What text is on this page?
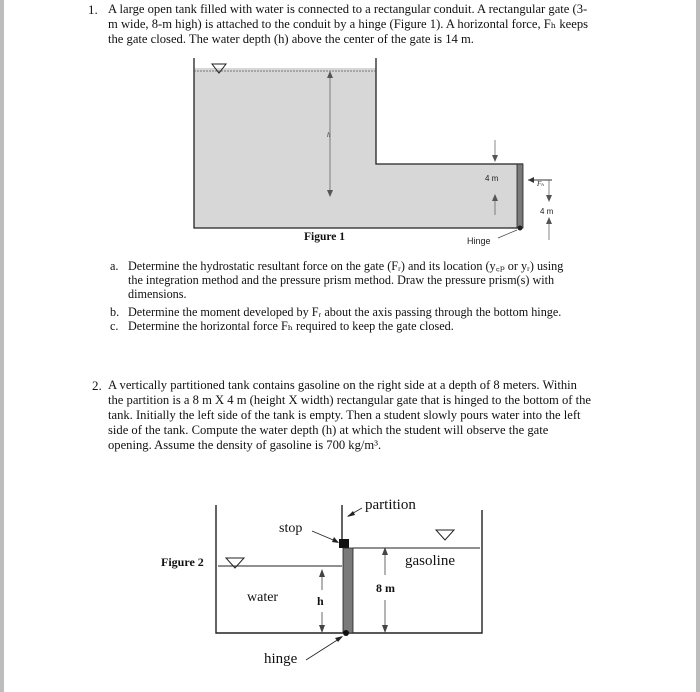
1. A large open tank filled with water is connected to a rectangular conduit. A rectangular gate (3-
m wide, 8-m high) is attached to the conduit by a hinge (Figure 1). A horizontal force, Fₕ keeps
the gate closed. The water depth (h) above the center of the gate is 14 m.
h
4 m
Fₕ
4 m
Hinge
Figure 1
a. Determine the hydrostatic resultant force on the gate (Fᵣ) and its location (y꜀ₚ or yᵣ) using
the integration method and the pressure prism method. Draw the pressure prism(s) with
dimensions.
b. Determine the moment developed by Fᵣ about the axis passing through the bottom hinge.
c. Determine the horizontal force Fₕ required to keep the gate closed.
2. A vertically partitioned tank contains gasoline on the right side at a depth of 8 meters. Within
the partition is a 8 m X 4 m (height X width) rectangular gate that is hinged to the bottom of the
tank. Initially the left side of the tank is empty. Then a student slowly pours water into the left
side of the tank. Compute the water depth (h) at which the student will observe the gate
opening. Assume the density of gasoline is 700 kg/m³.
partition
stop
gasoline
water	h
8 m
hinge
Figure 2
